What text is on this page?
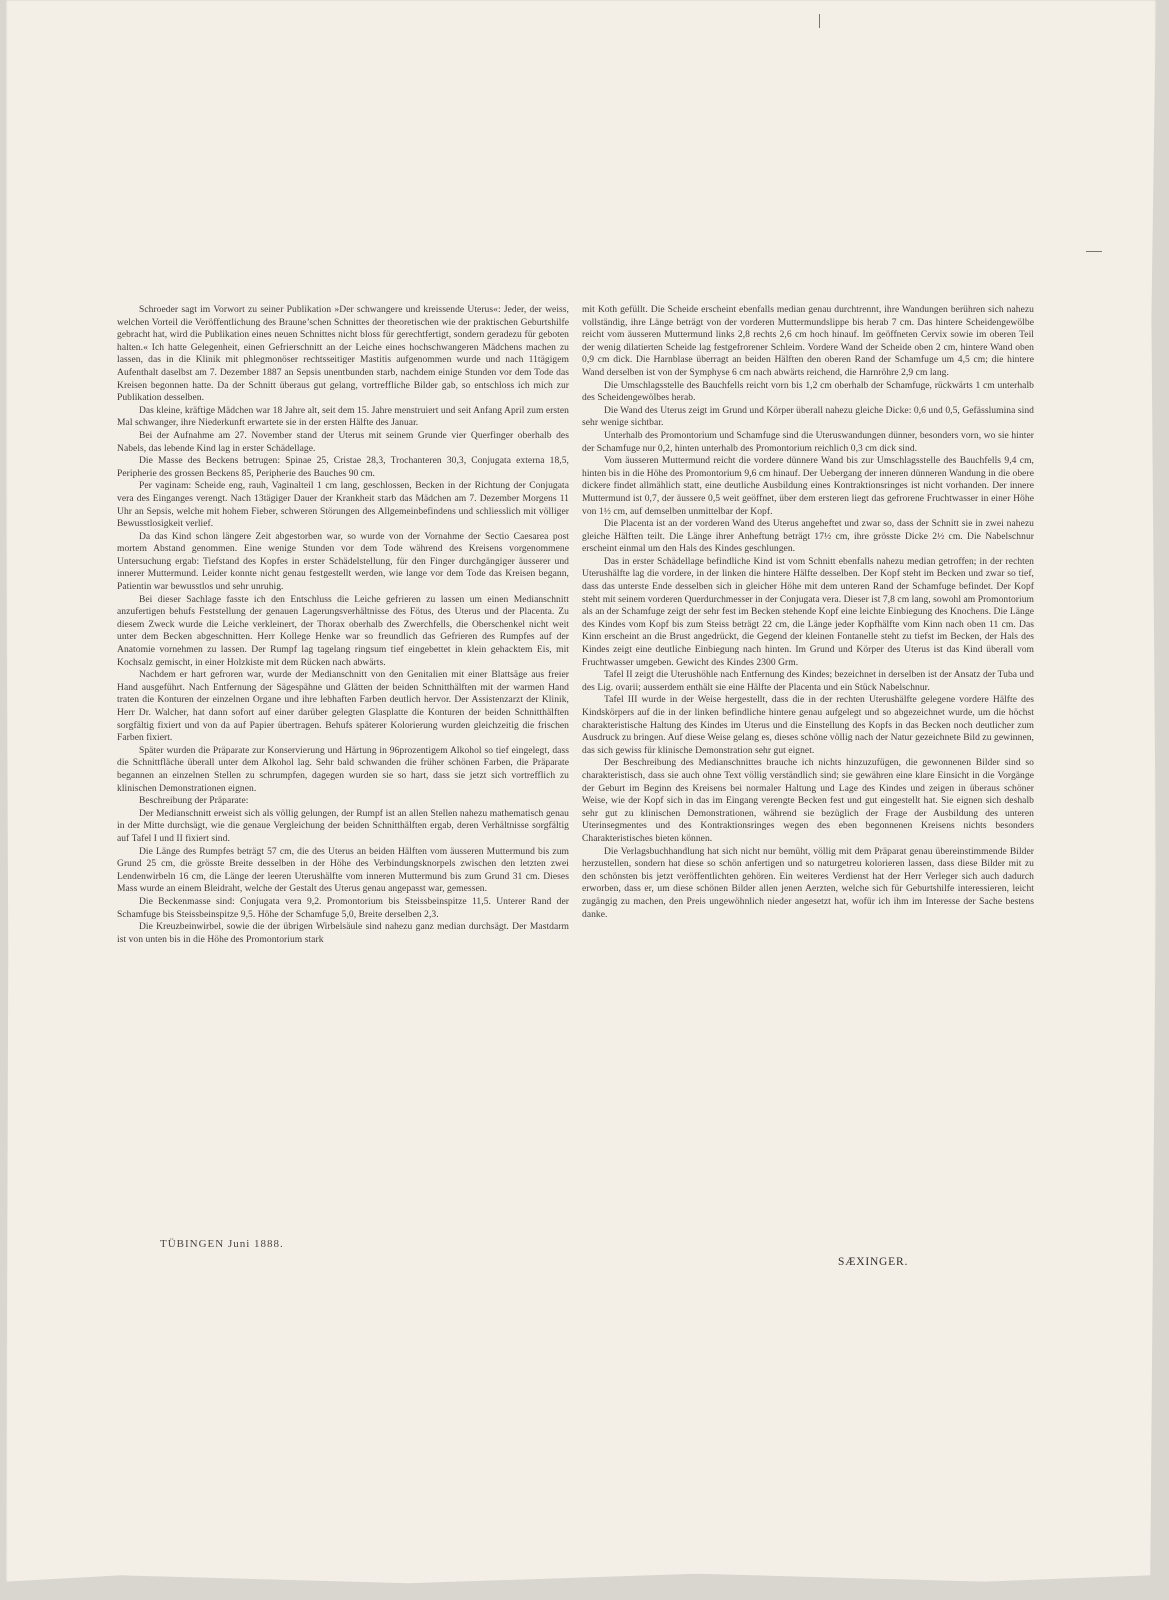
Schroeder sagt im Vorwort zu seiner Publikation »Der schwangere und kreissende Uterus«: Jeder, der weiss, welchen Vorteil die Veröffentlichung des Braune’schen Schnittes der theoretischen wie der praktischen Geburtshilfe gebracht hat, wird die Publikation eines neuen Schnittes nicht bloss für gerechtfertigt, sondern geradezu für geboten halten.« Ich hatte Gelegenheit, einen Gefrierschnitt an der Leiche eines hochschwangeren Mädchens machen zu lassen, das in die Klinik mit phlegmonöser rechtsseitiger Mastitis aufgenommen wurde und nach 11tägigem Aufenthalt daselbst am 7. Dezember 1887 an Sepsis unentbunden starb, nachdem einige Stunden vor dem Tode das Kreisen begonnen hatte. Da der Schnitt überaus gut gelang, vortreffliche Bilder gab, so entschloss ich mich zur Publikation desselben.

Das kleine, kräftige Mädchen war 18 Jahre alt, seit dem 15. Jahre menstruiert und seit Anfang April zum ersten Mal schwanger, ihre Niederkunft erwartete sie in der ersten Hälfte des Januar.

Bei der Aufnahme am 27. November stand der Uterus mit seinem Grunde vier Querfinger oberhalb des Nabels, das lebende Kind lag in erster Schädellage.

Die Masse des Beckens betrugen: Spinae 25, Cristae 28,3, Trochanteren 30,3, Conjugata externa 18,5, Peripherie des grossen Beckens 85, Peripherie des Bauches 90 cm.

Per vaginam: Scheide eng, rauh, Vaginalteil 1 cm lang, geschlossen, Becken in der Richtung der Conjugata vera des Einganges verengt. Nach 13tägiger Dauer der Krankheit starb das Mädchen am 7. Dezember Morgens 11 Uhr an Sepsis, welche mit hohem Fieber, schweren Störungen des Allgemeinbefindens und schliesslich mit völliger Bewusstlosigkeit verlief.

Da das Kind schon längere Zeit abgestorben war, so wurde von der Vornahme der Sectio Caesarea post mortem Abstand genommen. Eine wenige Stunden vor dem Tode während des Kreisens vorgenommene Untersuchung ergab: Tiefstand des Kopfes in erster Schädelstellung, für den Finger durchgängiger äusserer und innerer Muttermund. Leider konnte nicht genau festgestellt werden, wie lange vor dem Tode das Kreisen begann, Patientin war bewusstlos und sehr unruhig.

Bei dieser Sachlage fasste ich den Entschluss die Leiche gefrieren zu lassen um einen Medianschnitt anzufertigen behufs Feststellung der genauen Lagerungsverhältnisse des Fötus, des Uterus und der Placenta. Zu diesem Zweck wurde die Leiche verkleinert, der Thorax oberhalb des Zwerchfells, die Oberschenkel nicht weit unter dem Becken abgeschnitten. Herr Kollege Henke war so freundlich das Gefrieren des Rumpfes auf der Anatomie vornehmen zu lassen. Der Rumpf lag tagelang ringsum tief eingebettet in klein gehacktem Eis, mit Kochsalz gemischt, in einer Holzkiste mit dem Rücken nach abwärts.

Nachdem er hart gefroren war, wurde der Medianschnitt von den Genitalien mit einer Blattsäge aus freier Hand ausgeführt. Nach Entfernung der Sägespähne und Glätten der beiden Schnitthälften mit der warmen Hand traten die Konturen der einzelnen Organe und ihre lebhaften Farben deutlich hervor. Der Assistenzarzt der Klinik, Herr Dr. Walcher, hat dann sofort auf einer darüber gelegten Glasplatte die Konturen der beiden Schnitthälften sorgfältig fixiert und von da auf Papier übertragen. Behufs späterer Kolorierung wurden gleichzeitig die frischen Farben fixiert.

Später wurden die Präparate zur Konservierung und Härtung in 96prozentigem Alkohol so tief eingelegt, dass die Schnittfläche überall unter dem Alkohol lag. Sehr bald schwanden die früher schönen Farben, die Präparate begannen an einzelnen Stellen zu schrumpfen, dagegen wurden sie so hart, dass sie jetzt sich vortrefflich zu klinischen Demonstrationen eignen.

Beschreibung der Präparate:

Der Medianschnitt erweist sich als völlig gelungen, der Rumpf ist an allen Stellen nahezu mathematisch genau in der Mitte durchsägt, wie die genaue Vergleichung der beiden Schnitthälften ergab, deren Verhältnisse sorgfältig auf Tafel I und II fixiert sind.

Die Länge des Rumpfes beträgt 57 cm, die des Uterus an beiden Hälften vom äusseren Muttermund bis zum Grund 25 cm, die grösste Breite desselben in der Höhe des Verbindungsknorpels zwischen den letzten zwei Lendenwirbeln 16 cm, die Länge der leeren Uterushälfte vom inneren Muttermund bis zum Grund 31 cm. Dieses Mass wurde an einem Bleidraht, welche der Gestalt des Uterus genau angepasst war, gemessen.

Die Beckenmasse sind: Conjugata vera 9,2. Promontorium bis Steissbeinspitze 11,5. Unterer Rand der Schamfuge bis Steissbeinspitze 9,5. Höhe der Schamfuge 5,0, Breite derselben 2,3.

Die Kreuzbeinwirbel, sowie die der übrigen Wirbelsäule sind nahezu ganz median durchsägt. Der Mastdarm ist von unten bis in die Höhe des Promontorium stark

mit Koth gefüllt. Die Scheide erscheint ebenfalls median genau durchtrennt, ihre Wandungen berühren sich nahezu vollständig, ihre Länge beträgt von der vorderen Muttermundslippe bis herab 7 cm. Das hintere Scheidengewölbe reicht vom äusseren Muttermund links 2,8 rechts 2,6 cm hoch hinauf. Im geöffneten Cervix sowie im oberen Teil der wenig dilatierten Scheide lag festgefrorener Schleim. Vordere Wand der Scheide oben 2 cm, hintere Wand oben 0,9 cm dick. Die Harnblase überragt an beiden Hälften den oberen Rand der Schamfuge um 4,5 cm; die hintere Wand derselben ist von der Symphyse 6 cm nach abwärts reichend, die Harnröhre 2,9 cm lang.

Die Umschlagsstelle des Bauchfells reicht vorn bis 1,2 cm oberhalb der Schamfuge, rückwärts 1 cm unterhalb des Scheidengewölbes herab.

Die Wand des Uterus zeigt im Grund und Körper überall nahezu gleiche Dicke: 0,6 und 0,5, Gefässlumina sind sehr wenige sichtbar.

Unterhalb des Promontorium und Schamfuge sind die Uteruswandungen dünner, besonders vorn, wo sie hinter der Schamfuge nur 0,2, hinten unterhalb des Promontorium reichlich 0,3 cm dick sind.

Vom äusseren Muttermund reicht die vordere dünnere Wand bis zur Umschlagsstelle des Bauchfells 9,4 cm, hinten bis in die Höhe des Promontorium 9,6 cm hinauf. Der Uebergang der inneren dünneren Wandung in die obere dickere findet allmählich statt, eine deutliche Ausbildung eines Kontraktionsringes ist nicht vorhanden. Der innere Muttermund ist 0,7, der äussere 0,5 weit geöffnet, über dem ersteren liegt das gefrorene Fruchtwasser in einer Höhe von 1½ cm, auf demselben unmittelbar der Kopf.

Die Placenta ist an der vorderen Wand des Uterus angeheftet und zwar so, dass der Schnitt sie in zwei nahezu gleiche Hälften teilt. Die Länge ihrer Anheftung beträgt 17½ cm, ihre grösste Dicke 2½ cm. Die Nabelschnur erscheint einmal um den Hals des Kindes geschlungen.

Das in erster Schädellage befindliche Kind ist vom Schnitt ebenfalls nahezu median getroffen; in der rechten Uterushälfte lag die vordere, in der linken die hintere Hälfte desselben. Der Kopf steht im Becken und zwar so tief, dass das unterste Ende desselben sich in gleicher Höhe mit dem unteren Rand der Schamfuge befindet. Der Kopf steht mit seinem vorderen Querdurchmesser in der Conjugata vera. Dieser ist 7,8 cm lang, sowohl am Promontorium als an der Schamfuge zeigt der sehr fest im Becken stehende Kopf eine leichte Einbiegung des Knochens. Die Länge des Kindes vom Kopf bis zum Steiss beträgt 22 cm, die Länge jeder Kopfhälfte vom Kinn nach oben 11 cm. Das Kinn erscheint an die Brust angedrückt, die Gegend der kleinen Fontanelle steht zu tiefst im Becken, der Hals des Kindes zeigt eine deutliche Einbiegung nach hinten. Im Grund und Körper des Uterus ist das Kind überall vom Fruchtwasser umgeben. Gewicht des Kindes 2300 Grm.

Tafel II zeigt die Uterushöhle nach Entfernung des Kindes; bezeichnet in derselben ist der Ansatz der Tuba und des Lig. ovarii; ausserdem enthält sie eine Hälfte der Placenta und ein Stück Nabelschnur.

Tafel III wurde in der Weise hergestellt, dass die in der rechten Uterushälfte gelegene vordere Hälfte des Kindskörpers auf die in der linken befindliche hintere genau aufgelegt und so abgezeichnet wurde, um die höchst charakteristische Haltung des Kindes im Uterus und die Einstellung des Kopfs in das Becken noch deutlicher zum Ausdruck zu bringen. Auf diese Weise gelang es, dieses schöne völlig nach der Natur gezeichnete Bild zu gewinnen, das sich gewiss für klinische Demonstration sehr gut eignet.

Der Beschreibung des Medianschnittes brauche ich nichts hinzuzufügen, die gewonnenen Bilder sind so charakteristisch, dass sie auch ohne Text völlig verständlich sind; sie gewähren eine klare Einsicht in die Vorgänge der Geburt im Beginn des Kreisens bei normaler Haltung und Lage des Kindes und zeigen in überaus schöner Weise, wie der Kopf sich in das im Eingang verengte Becken fest und gut eingestellt hat. Sie eignen sich deshalb sehr gut zu klinischen Demonstrationen, während sie bezüglich der Frage der Ausbildung des unteren Uterinsegmentes und des Kontraktionsringes wegen des eben begonnenen Kreisens nichts besonders Charakteristisches bieten können.

Die Verlagsbuchhandlung hat sich nicht nur bemüht, völlig mit dem Präparat genau übereinstimmende Bilder herzustellen, sondern hat diese so schön anfertigen und so naturgetreu kolorieren lassen, dass diese Bilder mit zu den schönsten bis jetzt veröffentlichten gehören. Ein weiteres Verdienst hat der Herr Verleger sich auch dadurch erworben, dass er, um diese schönen Bilder allen jenen Aerzten, welche sich für Geburtshilfe interessieren, leicht zugängig zu machen, den Preis ungewöhnlich nieder angesetzt hat, wofür ich ihm im Interesse der Sache bestens danke.

TÜBINGEN Juni 1888.
SÆXINGER.
